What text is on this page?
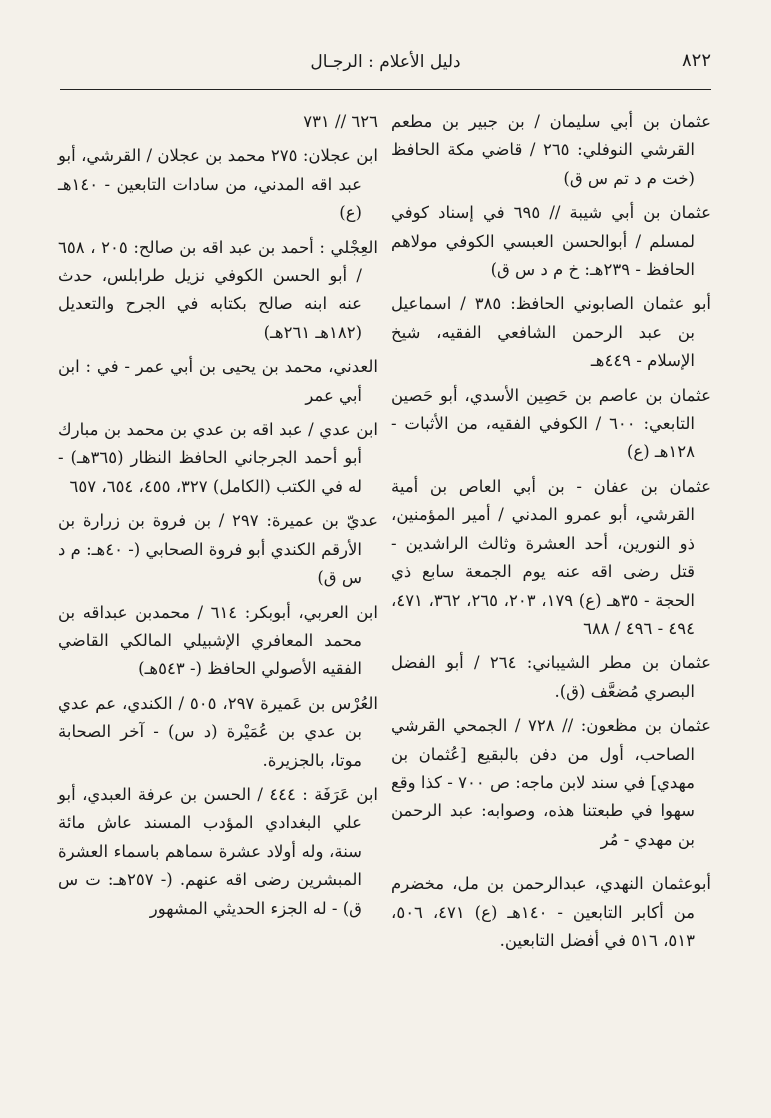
٨٢٢
دليل الأعلام : الرجـال

عثمان بن أبي سليمان / بن جبير بن مطعم القرشي النوفلي: ٢٦٥ / قاضي مكة الحافظ (خت م د تم س ق)

عثمان بن أبي شيبة // ٦٩٥ في إسناد كوفي لمسلم / أبوالحسن العبسي الكوفي مولاهم الحافظ - ٢٣٩هـ: خ م د س ق)

أبو عثمان الصابوني الحافظ: ٣٨٥ / اسماعيل بن عبد الرحمن الشافعي الفقيه، شيخ الإسلام - ٤٤٩هـ

عثمان بن عاصم بن حَصِين الأسدي، أبو حَصين التابعي: ٦٠٠ / الكوفي الفقيه، من الأثبات - ١٢٨هـ (ع)

عثمان بن عفان - بن أبي العاص بن أمية القرشي، أبو عمرو المدني / أمير المؤمنين، ذو النورين، أحد العشرة وثالث الراشدين - قتل رضى اقه عنه يوم الجمعة سابع ذي الحجة - ٣٥هـ (ع) ١٧٩، ٢٠٣، ٢٦٥، ٣٦٢، ٤٧١، ٤٩٤ - ٤٩٦ / ٦٨٨

عثمان بن مطر الشيباني: ٢٦٤ / أبو الفضل البصري مُضعَّف (ق).

عثمان بن مظعون: // ٧٢٨ / الجمحي القرشي الصاحب، أول من دفن بالبقيع [عُثمان بن مهدي] في سند لابن ماجه: ص ٧٠٠ - كذا وقع سهوا في طبعتنا هذه، وصوابه: عبد الرحمن بن مهدي - مُر

أبوعثمان النهدي، عبدالرحمن بن مل، مخضرم من أكابر التابعين - ١٤٠هـ (ع) ٤٧١، ٥٠٦، ٥١٣، ٥١٦ في أفضل التابعين.

٦٢٦ // ٧٣١

ابن عجلان: ٢٧٥ محمد بن عجلان / القرشي، أبو عبد اقه المدني، من سادات التابعين - ١٤٠هـ (ع)

العِجْلي : أحمد بن عبد اقه بن صالح: ٢٠٥ ، ٦٥٨ / أبو الحسن الكوفي نزيل طرابلس، حدث عنه ابنه صالح بكتابه في الجرح والتعديل (١٨٢هـ ٢٦١هـ)

العدني، محمد بن يحيى بن أبي عمر - في : ابن أبي عمر

ابن عدي / عبد اقه بن عدي بن محمد بن مبارك أبو أحمد الجرجاني الحافظ النظار (٣٦٥هـ) - له في الكتب (الكامل) ٣٢٧، ٤٥٥، ٦٥٤، ٦٥٧

عديّ بن عميرة: ٢٩٧ / بن فروة بن زرارة بن الأرقم الكندي أبو فروة الصحابي (- ٤٠هـ: م د س ق)

ابن العربي، أبوبكر: ٦١٤ / محمدبن عبداقه بن محمد المعافري الإشبيلي المالكي القاضي الفقيه الأصولي الحافظ (- ٥٤٣هـ)

العُرْس بن عَميرة ٢٩٧، ٥٠٥ / الكندي، عم عدي بن عدي بن عُمَيْرة (د س) - آخر الصحابة موتا، بالجزيرة.

ابن عَرَفَة : ٤٤٤ / الحسن بن عرفة العبدي، أبو علي البغدادي المؤدب المسند عاش مائة سنة، وله أولاد عشرة سماهم باسماء العشرة المبشرين رضى اقه عنهم. (- ٢٥٧هـ: ت س ق) - له الجزء الحديثي المشهور
